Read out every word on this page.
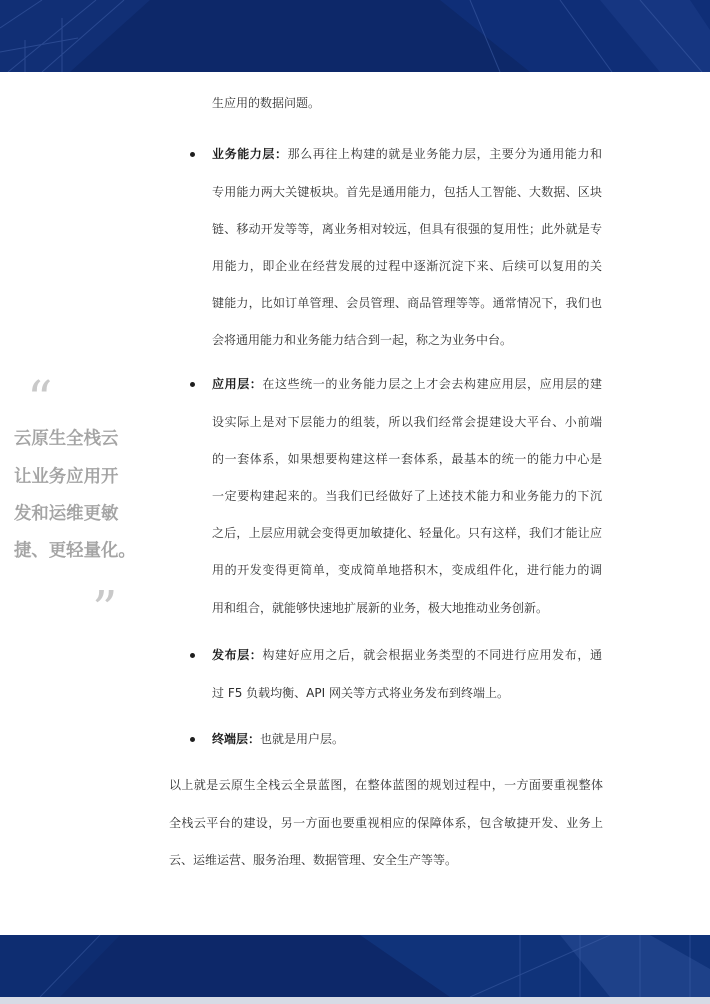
“
云原生全栈云
让业务应用开
发和运维更敏
捷、更轻量化。
”
生应用的数据问题。
业务能力层：那么再往上构建的就是业务能力层，主要分为通用能力和
专用能力两大关键板块。首先是通用能力，包括人工智能、大数据、区块
链、移动开发等等，离业务相对较远，但具有很强的复用性；此外就是专
用能力，即企业在经营发展的过程中逐渐沉淀下来、后续可以复用的关
键能力，比如订单管理、会员管理、商品管理等等。通常情况下，我们也
会将通用能力和业务能力结合到一起，称之为业务中台。
应用层：在这些统一的业务能力层之上才会去构建应用层，应用层的建
设实际上是对下层能力的组装，所以我们经常会提建设大平台、小前端
的一套体系，如果想要构建这样一套体系，最基本的统一的能力中心是
一定要构建起来的。当我们已经做好了上述技术能力和业务能力的下沉
之后，上层应用就会变得更加敏捷化、轻量化。只有这样，我们才能让应
用的开发变得更简单，变成简单地搭积木，变成组件化，进行能力的调
用和组合，就能够快速地扩展新的业务，极大地推动业务创新。
发布层：构建好应用之后，就会根据业务类型的不同进行应用发布，通
过 F5 负载均衡、API 网关等方式将业务发布到终端上。
终端层：也就是用户层。
以上就是云原生全栈云全景蓝图，在整体蓝图的规划过程中，一方面要重视整体
全栈云平台的建设，另一方面也要重视相应的保障体系，包含敏捷开发、业务上
云、运维运营、服务治理、数据管理、安全生产等等。
